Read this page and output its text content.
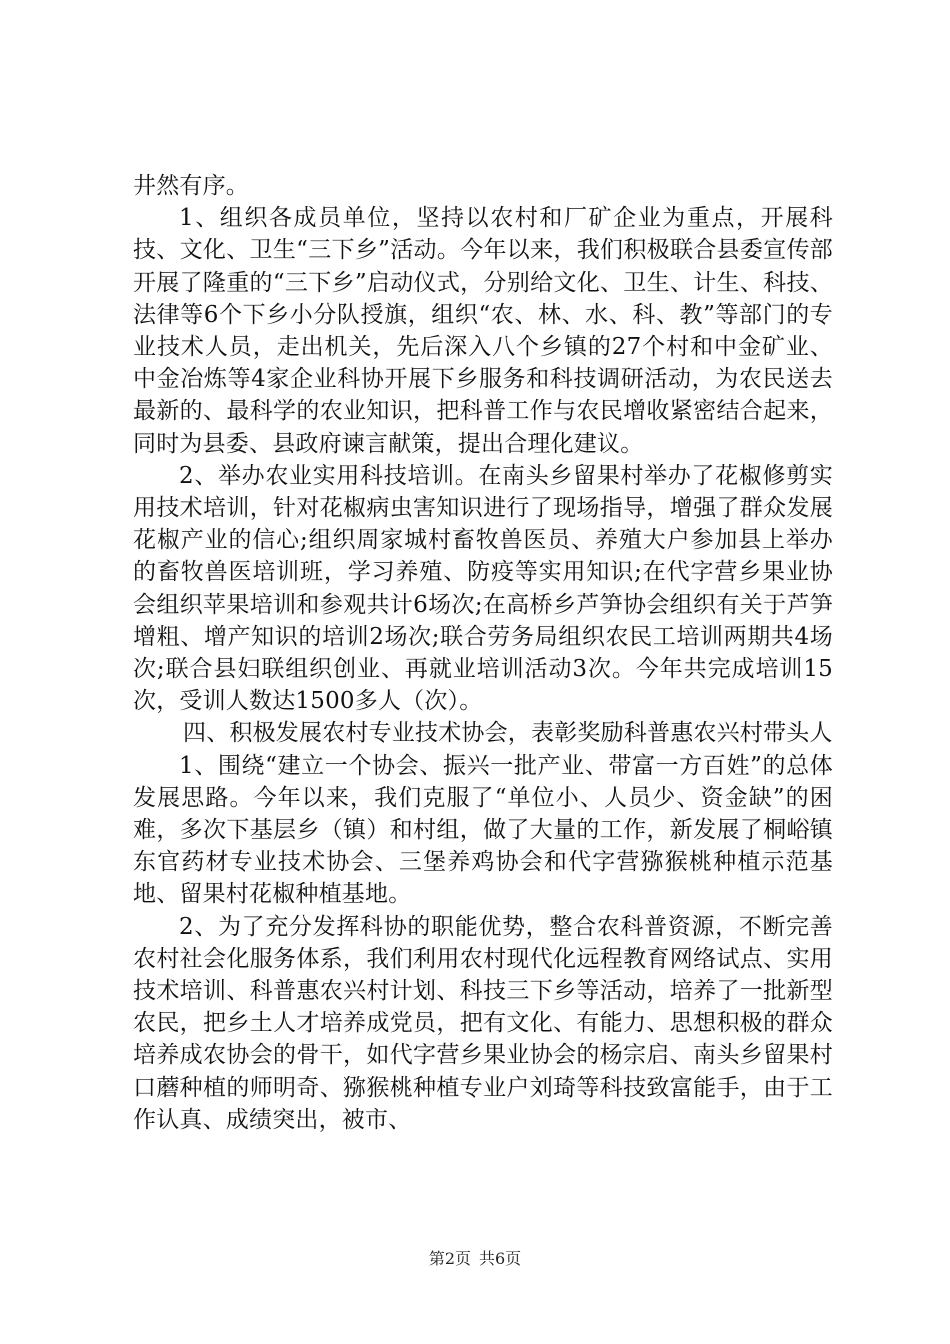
井然有序。

1、组织各成员单位，坚持以农村和厂矿企业为重点，开展科技、文化、卫生“三下乡”活动。今年以来，我们积极联合县委宣传部开展了隆重的“三下乡”启动仪式，分别给文化、卫生、计生、科技、法律等6个下乡小分队授旗，组织“农、林、水、科、教”等部门的专业技术人员，走出机关，先后深入八个乡镇的27个村和中金矿业、中金冶炼等4家企业科协开展下乡服务和科技调研活动，为农民送去最新的、最科学的农业知识，把科普工作与农民增收紧密结合起来，同时为县委、县政府谏言献策，提出合理化建议。

2、举办农业实用科技培训。在南头乡留果村举办了花椒修剪实用技术培训，针对花椒病虫害知识进行了现场指导，增强了群众发展花椒产业的信心;组织周家城村畜牧兽医员、养殖大户参加县上举办的畜牧兽医培训班，学习养殖、防疫等实用知识;在代字营乡果业协会组织苹果培训和参观共计6场次;在高桥乡芦笋协会组织有关于芦笋增粗、增产知识的培训2场次;联合劳务局组织农民工培训两期共4场次;联合县妇联组织创业、再就业培训活动3次。今年共完成培训15次，受训人数达1500多人（次）。

四、积极发展农村专业技术协会，表彰奖励科普惠农兴村带头人

1、围绕“建立一个协会、振兴一批产业、带富一方百姓”的总体发展思路。今年以来，我们克服了“单位小、人员少、资金缺”的困难，多次下基层乡（镇）和村组，做了大量的工作，新发展了桐峪镇东官药材专业技术协会、三堡养鸡协会和代字营猕猴桃种植示范基地、留果村花椒种植基地。

2、为了充分发挥科协的职能优势，整合农科普资源，不断完善农村社会化服务体系，我们利用农村现代化远程教育网络试点、实用技术培训、科普惠农兴村计划、科技三下乡等活动，培养了一批新型农民，把乡土人才培养成党员，把有文化、有能力、思想积极的群众培养成农协会的骨干，如代字营乡果业协会的杨宗启、南头乡留果村口蘑种植的师明奇、猕猴桃种植专业户刘琦等科技致富能手，由于工作认真、成绩突出，被市、

第2页 共6页
